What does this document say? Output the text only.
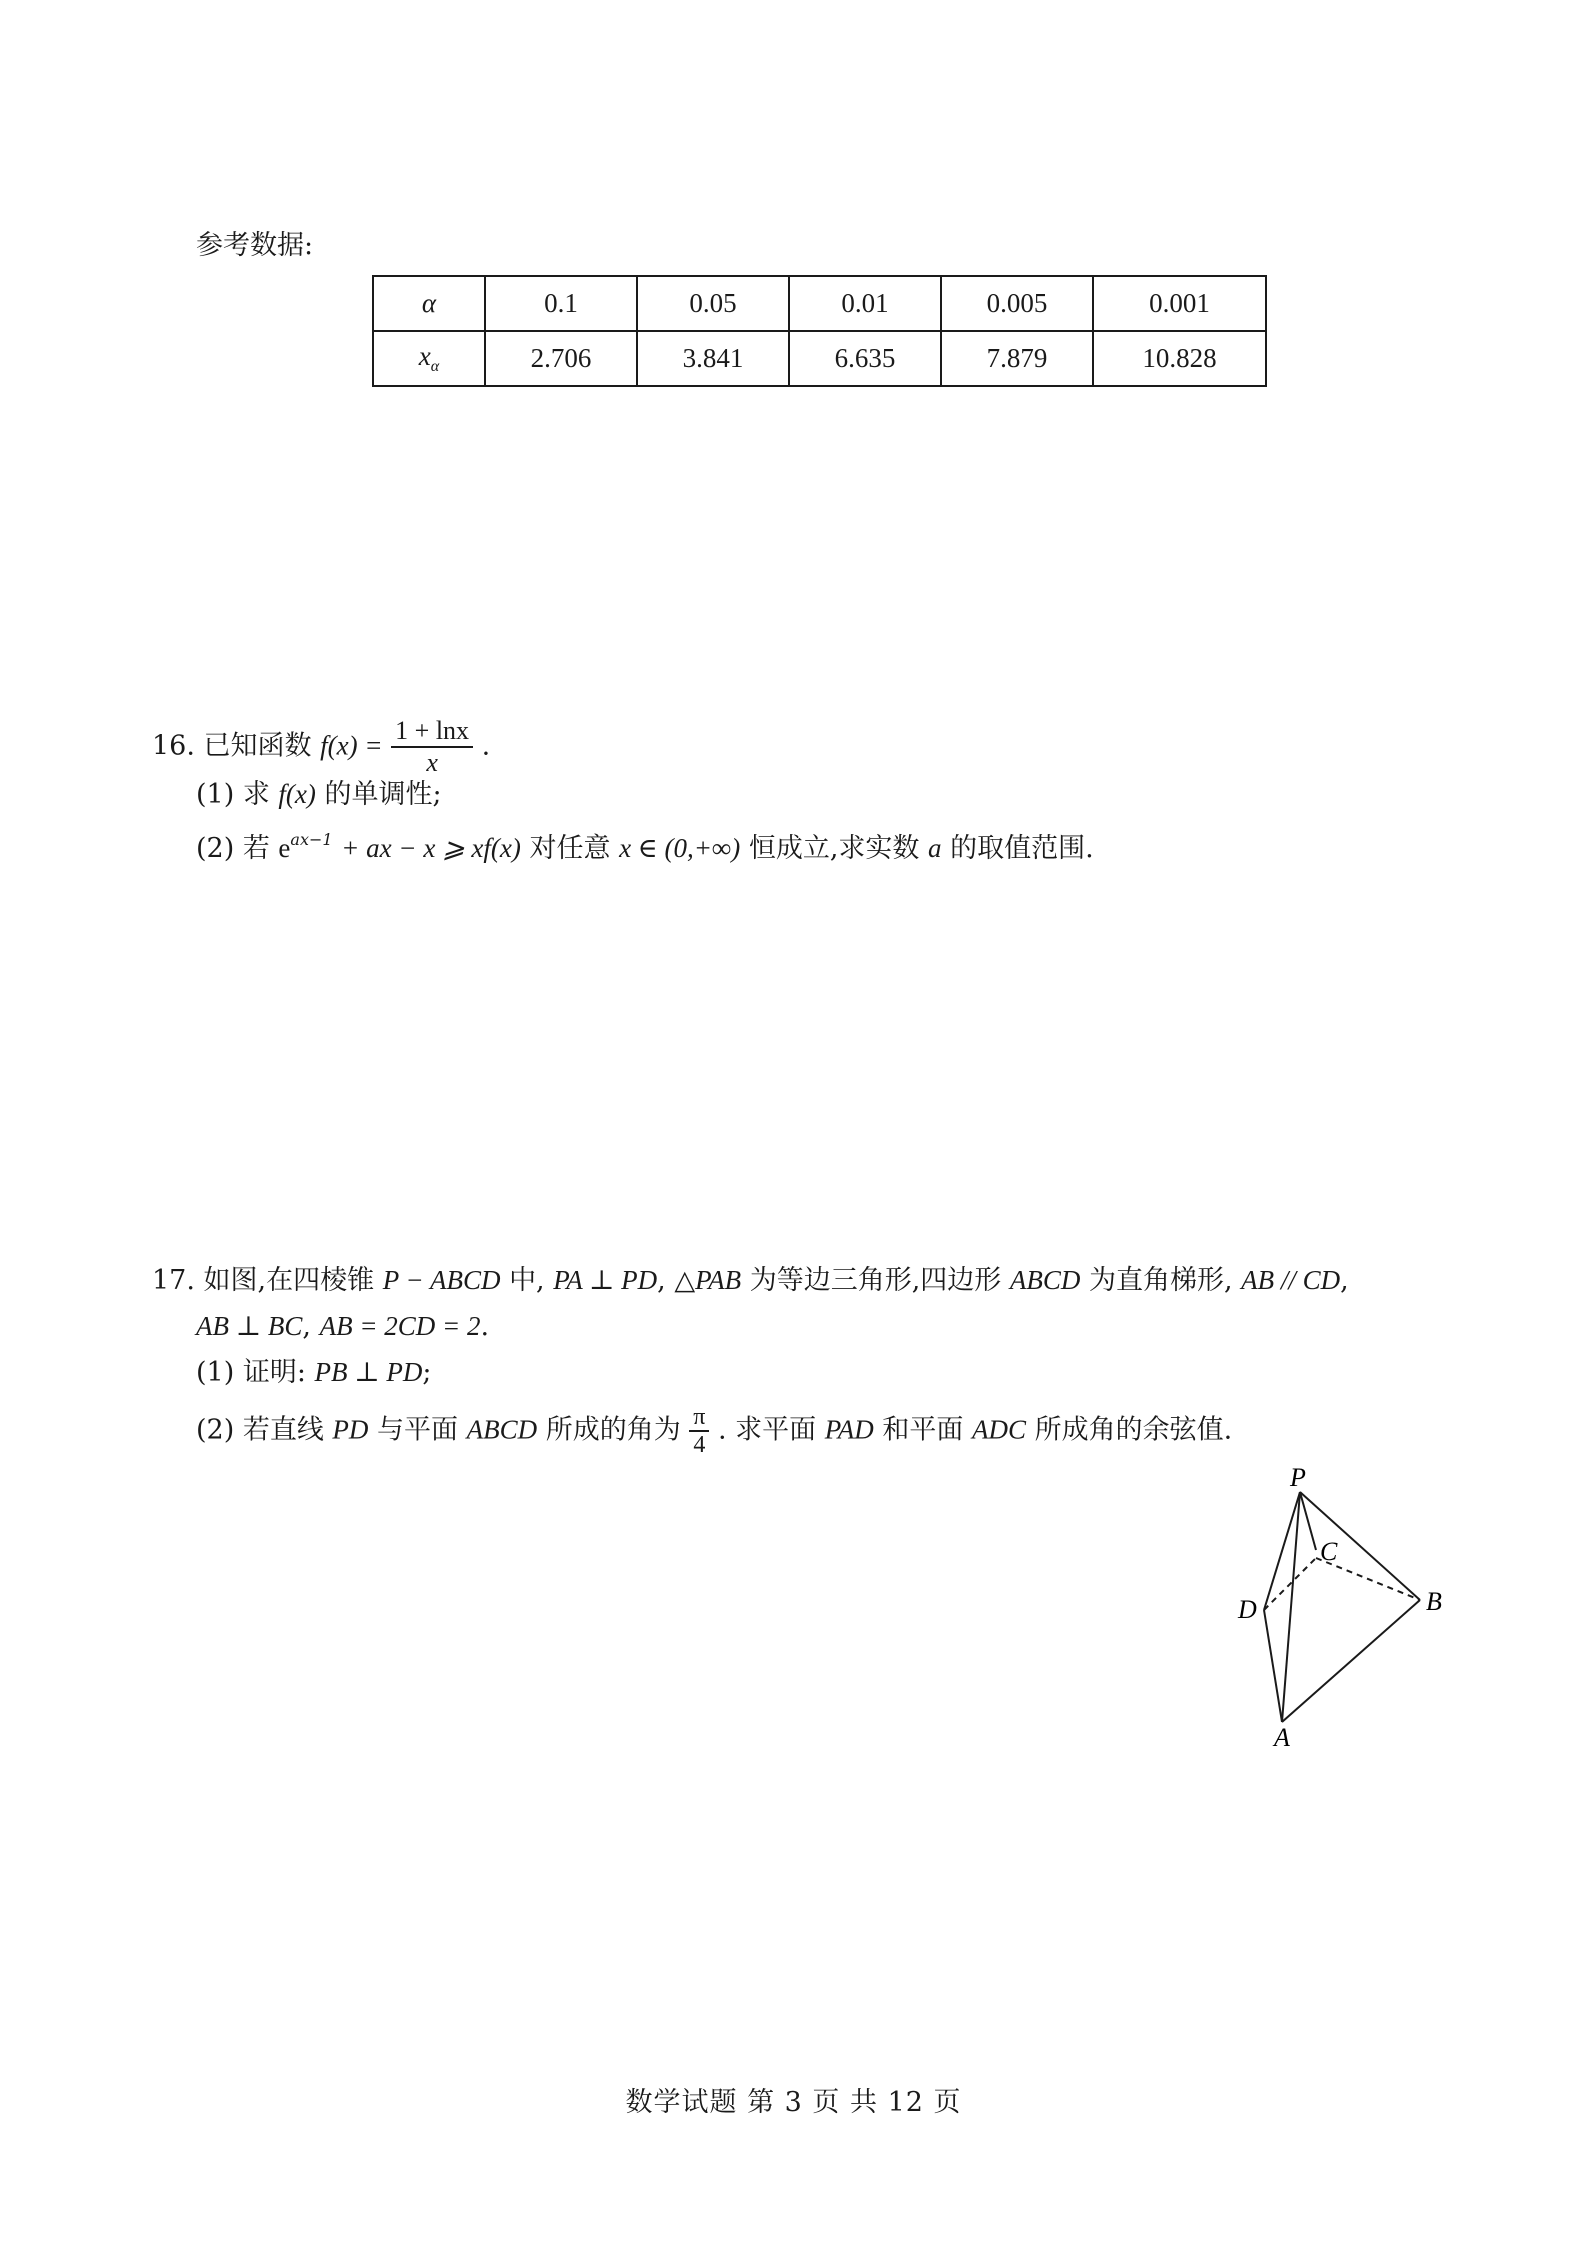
参考数据:
α	0.1	0.05	0.01	0.005	0.001
$x_\alpha$	2.706	3.841	6.635	7.879	10.828
16. 已知函数 $f(x) = \frac{1 + \ln x}{x}$ .
(1) 求 f(x) 的单调性;
(2) 若 $e^{ax-1}$ + ax − x ⩾ xf(x) 对任意 x ∈ (0,+∞) 恒成立,求实数 a 的取值范围.
17. 如图,在四棱锥 P − ABCD 中, PA ⊥ PD, △PAB 为等边三角形,四边形 ABCD 为直角梯形, AB // CD,
AB ⊥ BC, AB = 2CD = 2.
(1) 证明: PB ⊥ PD;
(2) 若直线 PD 与平面 ABCD 所成的角为 $\frac{\pi}{4}$ . 求平面 PAD 和平面 ADC 所成角的余弦值.
P
C
D	B
A
数学试题 第 3 页 共 12 页
